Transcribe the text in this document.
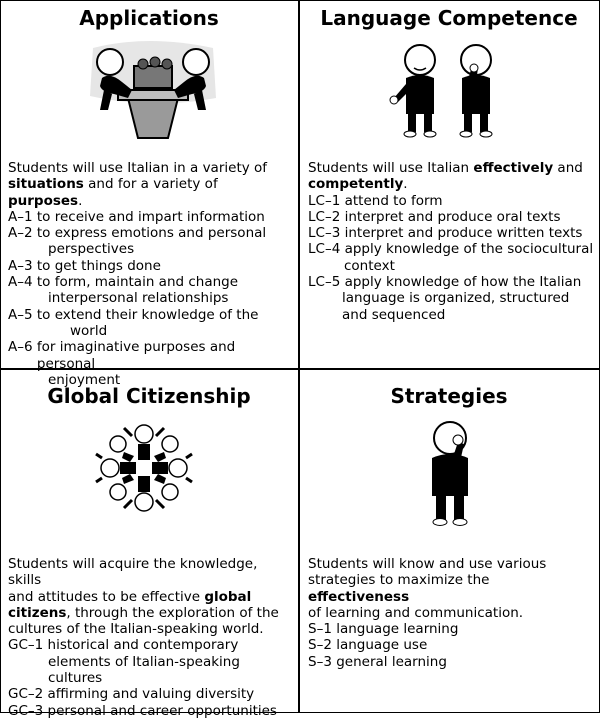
Applications

Students will use Italian in a variety of situations and for a variety of purposes.

A–1
to receive and impart information
A–2
to express emotions and personal

perspectives

A–3
to get things done
A–4
to form, maintain and change

interpersonal relationships

A–5
to extend their knowledge of the

world

A–6
for imaginative purposes and personal

enjoyment

Language Competence

Students will use Italian effectively and

competently.

LC–1
attend to form
LC–2
interpret and produce oral texts
LC–3
interpret and produce written texts
LC–4
apply knowledge of the sociocultural

context

LC–5
apply knowledge of how the Italian

language is organized, structured

and sequenced

Global Citizenship

Students will acquire the knowledge, skills

and attitudes to be effective global

citizens, through the exploration of the

cultures of the Italian-speaking world.

GC–1
historical and contemporary

elements of Italian-speaking cultures

GC–2
affirming and valuing diversity
GC–3
personal and career opportunities
Strategies

Students will know and use various

strategies to maximize the effectiveness

of learning and communication.

S–1
language learning
S–2
language use
S–3
general learning
